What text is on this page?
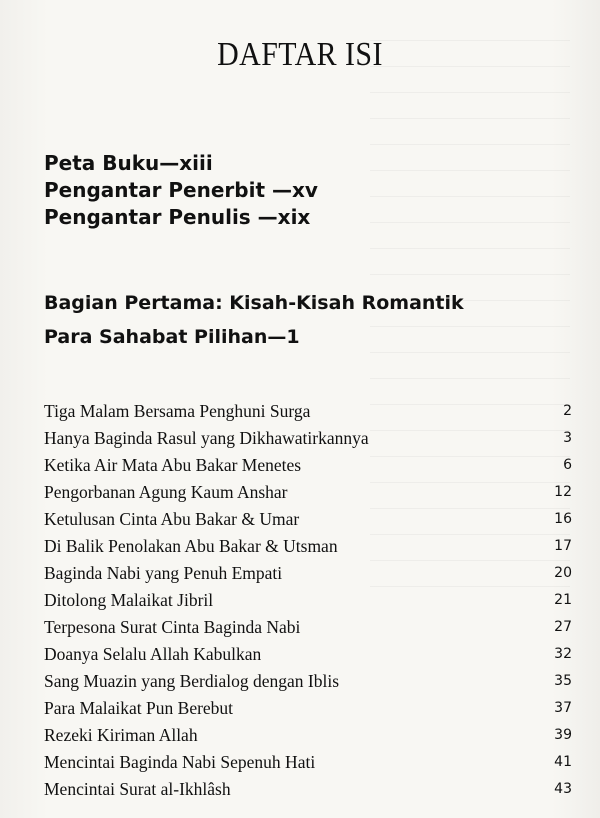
DAFTAR ISI
Peta Buku—xiii
Pengantar Penerbit —xv
Pengantar Penulis —xix
Bagian Pertama: Kisah-Kisah Romantik
Para Sahabat Pilihan—1
Tiga Malam Bersama Penghuni Surga	2
Hanya Baginda Rasul yang Dikhawatirkannya	3
Ketika Air Mata Abu Bakar Menetes	6
Pengorbanan Agung Kaum Anshar	12
Ketulusan Cinta Abu Bakar & Umar	16
Di Balik Penolakan Abu Bakar & Utsman	17
Baginda Nabi yang Penuh Empati	20
Ditolong Malaikat Jibril	21
Terpesona Surat Cinta Baginda Nabi	27
Doanya Selalu Allah Kabulkan	32
Sang Muazin yang Berdialog dengan Iblis	35
Para Malaikat Pun Berebut	37
Rezeki Kiriman Allah	39
Mencintai Baginda Nabi Sepenuh Hati	41
Mencintai Surat al-Ikhlâsh	43
